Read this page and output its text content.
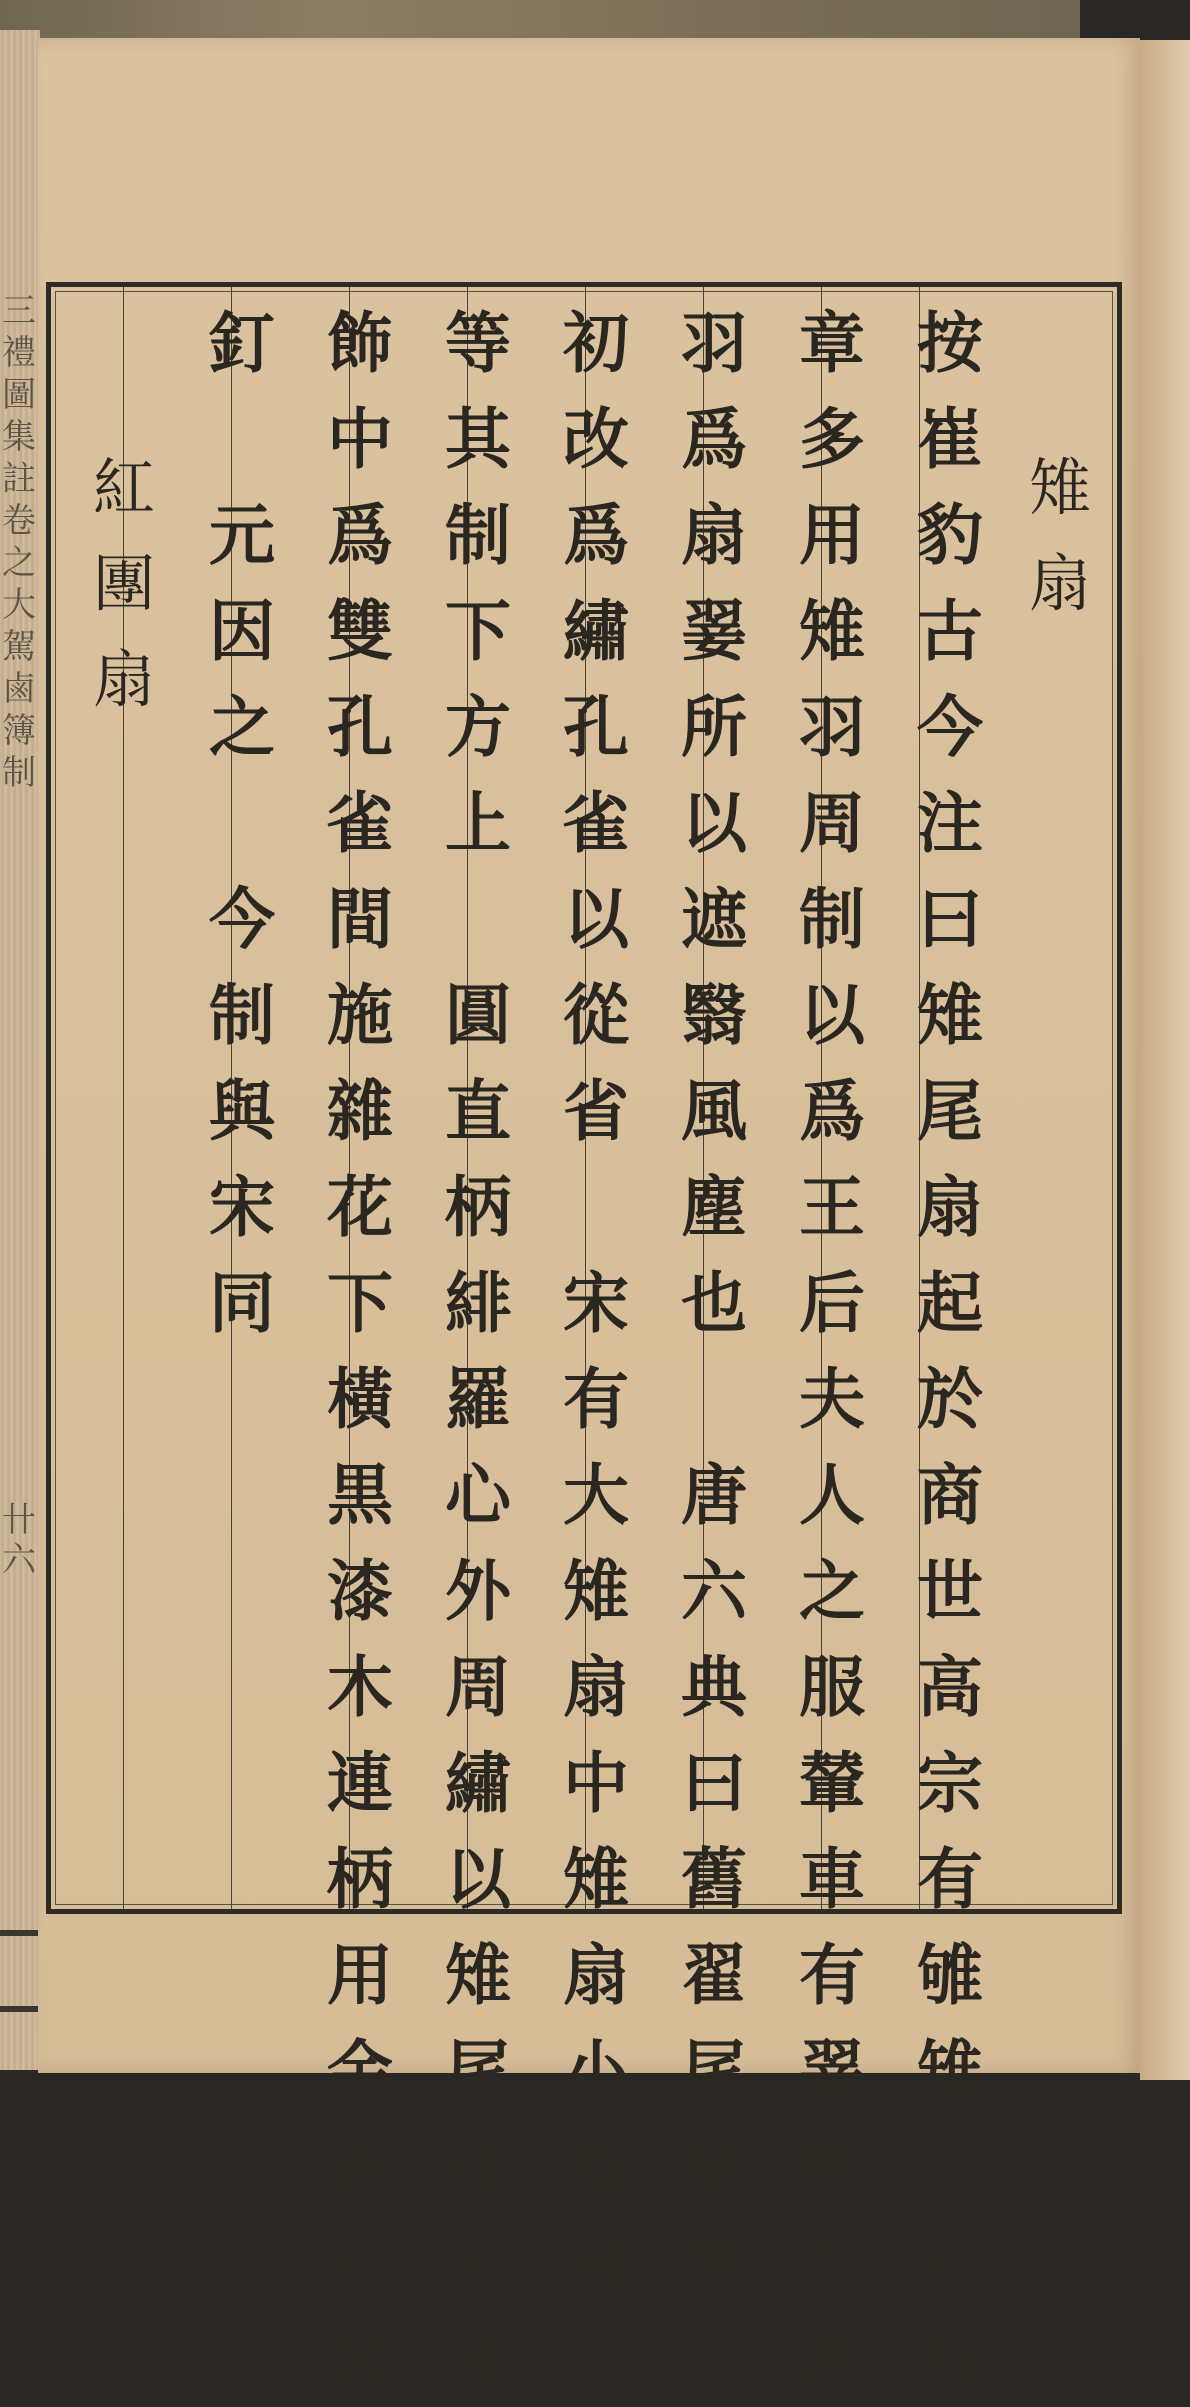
三
禮
圖
集
註
卷
之
大
駕
鹵
簿
制
卄
六
雉
扇
按
崔
豹
古
今
注
曰
雉
尾
扇
起
於
商
世
高
宗
有
雊
雉
之
祥
服
章
多
用
雉
羽
周
制
以
爲
王
后
夫
人
之
服
輦
車
有
翣
飾
即
緝
羽
爲
扇
翣
所
以
遮
翳
風
塵
也
唐
六
典
曰
舊
翟
尾
扇
開
元
初
改
爲
繡
孔
雀
以
從
省
宋
有
大
雉
扇
中
雉
扇
小
雉
扇
三
等
其
制
下
方
上
圓
直
柄
緋
羅
心
外
周
繡
以
雉
尾
排
列
爲
飾
中
爲
雙
孔
雀
間
施
雜
花
下
橫
黒
漆
木
連
柄
用
金
銅
花
裝
釘
元
因
之
今
制
與
宋
同
紅
團
扇
